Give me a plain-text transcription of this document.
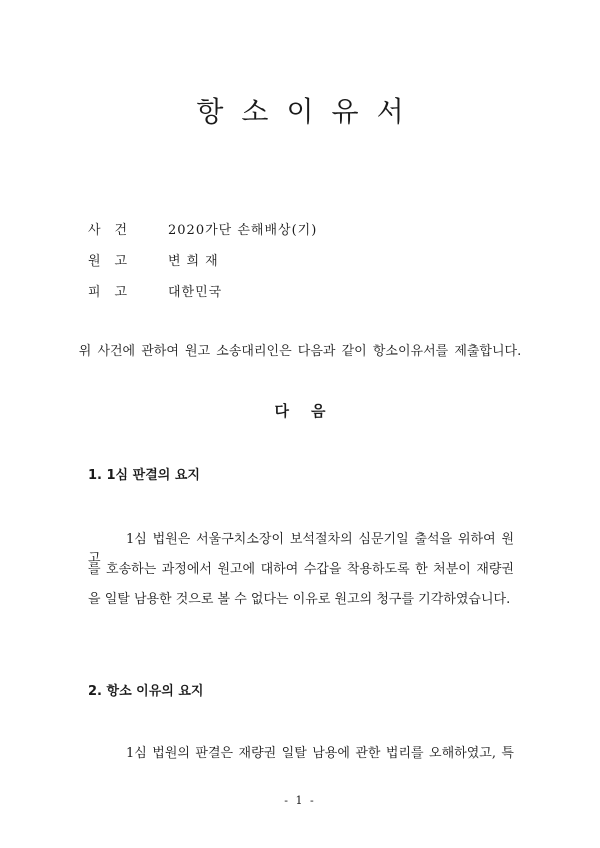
항소이유서
사건	2020가단 손해배상(기)
원고	변희재
피고	대한민국
위 사건에 관하여 원고 소송대리인은 다음과 같이 항소이유서를 제출합니다.
다음
1. 1심 판결의 요지
1심 법원은 서울구치소장이 보석절차의 심문기일 출석을 위하여 원고
를 호송하는 과정에서 원고에 대하여 수갑을 착용하도록 한 처분이 재량권
을 일탈 남용한 것으로 볼 수 없다는 이유로 원고의 청구를 기각하였습니다.
2. 항소 이유의 요지
1심 법원의 판결은 재량권 일탈 남용에 관한 법리를 오해하였고, 특
- 1 -
